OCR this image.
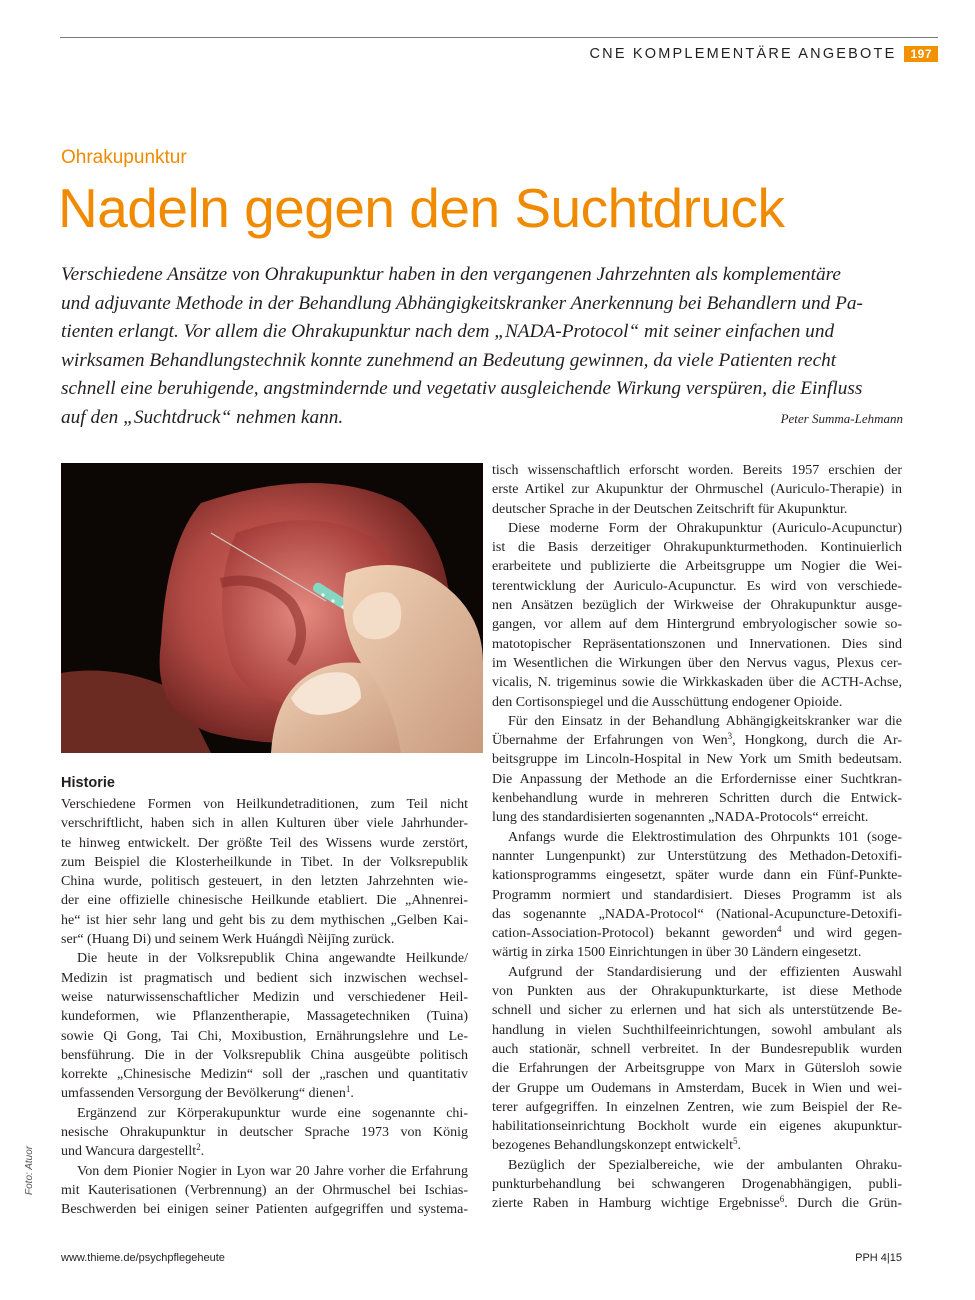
CNE KOMPLEMENTÄRE ANGEBOTE	197
Ohrakupunktur
Nadeln gegen den Suchtdruck
Verschiedene Ansätze von Ohrakupunktur haben in den vergangenen Jahrzehnten als komplementäre
und adjuvante Methode in der Behandlung Abhängigkeitskranker Anerkennung bei Behandlern und Pa-
tienten erlangt. Vor allem die Ohrakupunktur nach dem „NADA-Protocol“ mit seiner einfachen und
wirksamen Behandlungstechnik konnte zunehmend an Bedeutung gewinnen, da viele Patienten recht
schnell eine beruhigende, angstmindernde und vegetativ ausgleichende Wirkung verspüren, die Einfluss
auf den „Suchtdruck“ nehmen kann.	Peter Summa-Lehmann
Foto: Atuor
Historie
Verschiedene Formen von Heilkundetraditionen, zum Teil nicht
verschriftlicht, haben sich in allen Kulturen über viele Jahrhunder-
te hinweg entwickelt. Der größte Teil des Wissens wurde zerstört,
zum Beispiel die Klosterheilkunde in Tibet. In der Volksrepublik
China wurde, politisch gesteuert, in den letzten Jahrzehnten wie-
der eine offizielle chinesische Heilkunde etabliert. Die „Ahnenrei-
he“ ist hier sehr lang und geht bis zu dem mythischen „Gelben Kai-
ser“ (Huang Di) und seinem Werk Huángdì Nèijīng zurück.
Die heute in der Volksrepublik China angewandte Heilkunde/
Medizin ist pragmatisch und bedient sich inzwischen wechsel-
weise naturwissenschaftlicher Medizin und verschiedener Heil-
kundeformen, wie Pflanzentherapie, Massagetechniken (Tuina)
sowie Qi Gong, Tai Chi, Moxibustion, Ernährungslehre und Le-
bensführung. Die in der Volksrepublik China ausgeübte politisch
korrekte „Chinesische Medizin“ soll der „raschen und quantitativ
umfassenden Versorgung der Bevölkerung“ dienen$^1$.
Ergänzend zur Körperakupunktur wurde eine sogenannte chi-
nesische Ohrakupunktur in deutscher Sprache 1973 von König
und Wancura dargestellt$^2$.
Von dem Pionier Nogier in Lyon war 20 Jahre vorher die Erfahrung
mit Kauterisationen (Verbrennung) an der Ohrmuschel bei Ischias-
Beschwerden bei einigen seiner Patienten aufgegriffen und systema-
tisch wissenschaftlich erforscht worden. Bereits 1957 erschien der
erste Artikel zur Akupunktur der Ohrmuschel (Auriculo-Therapie) in
deutscher Sprache in der Deutschen Zeitschrift für Akupunktur.
Diese moderne Form der Ohrakupunktur (Auriculo-Acupunctur)
ist die Basis derzeitiger Ohrakupunkturmethoden. Kontinuierlich
erarbeitete und publizierte die Arbeitsgruppe um Nogier die Wei-
terentwicklung der Auriculo-Acupunctur. Es wird von verschiede-
nen Ansätzen bezüglich der Wirkweise der Ohrakupunktur ausge-
gangen, vor allem auf dem Hintergrund embryologischer sowie so-
matotopischer Repräsentationszonen und Innervationen. Dies sind
im Wesentlichen die Wirkungen über den Nervus vagus, Plexus cer-
vicalis, N. trigeminus sowie die Wirkkaskaden über die ACTH-Achse,
den Cortisonspiegel und die Ausschüttung endogener Opioide.
Für den Einsatz in der Behandlung Abhängigkeitskranker war die
Übernahme der Erfahrungen von Wen$^3$, Hongkong, durch die Ar-
beitsgruppe im Lincoln-Hospital in New York um Smith bedeutsam.
Die Anpassung der Methode an die Erfordernisse einer Suchtkran-
kenbehandlung wurde in mehreren Schritten durch die Entwick-
lung des standardisierten sogenannten „NADA-Protocols“ erreicht.
Anfangs wurde die Elektrostimulation des Ohrpunkts 101 (soge-
nannter Lungenpunkt) zur Unterstützung des Methadon-Detoxifi-
kationsprogramms eingesetzt, später wurde dann ein Fünf-Punkte-
Programm normiert und standardisiert. Dieses Programm ist als
das sogenannte „NADA-Protocol“ (National-Acupuncture-Detoxifi-
cation-Association-Protocol) bekannt geworden$^4$ und wird gegen-
wärtig in zirka 1500 Einrichtungen in über 30 Ländern eingesetzt.
Aufgrund der Standardisierung und der effizienten Auswahl
von Punkten aus der Ohrakupunkturkarte, ist diese Methode
schnell und sicher zu erlernen und hat sich als unterstützende Be-
handlung in vielen Suchthilfeeinrichtungen, sowohl ambulant als
auch stationär, schnell verbreitet. In der Bundesrepublik wurden
die Erfahrungen der Arbeitsgruppe von Marx in Gütersloh sowie
der Gruppe um Oudemans in Amsterdam, Bucek in Wien und wei-
terer aufgegriffen. In einzelnen Zentren, wie zum Beispiel der Re-
habilitationseinrichtung Bockholt wurde ein eigenes akupunktur-
bezogenes Behandlungskonzept entwickelt$^5$.
Bezüglich der Spezialbereiche, wie der ambulanten Ohraku-
punkturbehandlung bei schwangeren Drogenabhängigen, publi-
zierte Raben in Hamburg wichtige Ergebnisse$^6$. Durch die Grün-
www.thieme.de/psychpflegeheute	PPH 4|15
